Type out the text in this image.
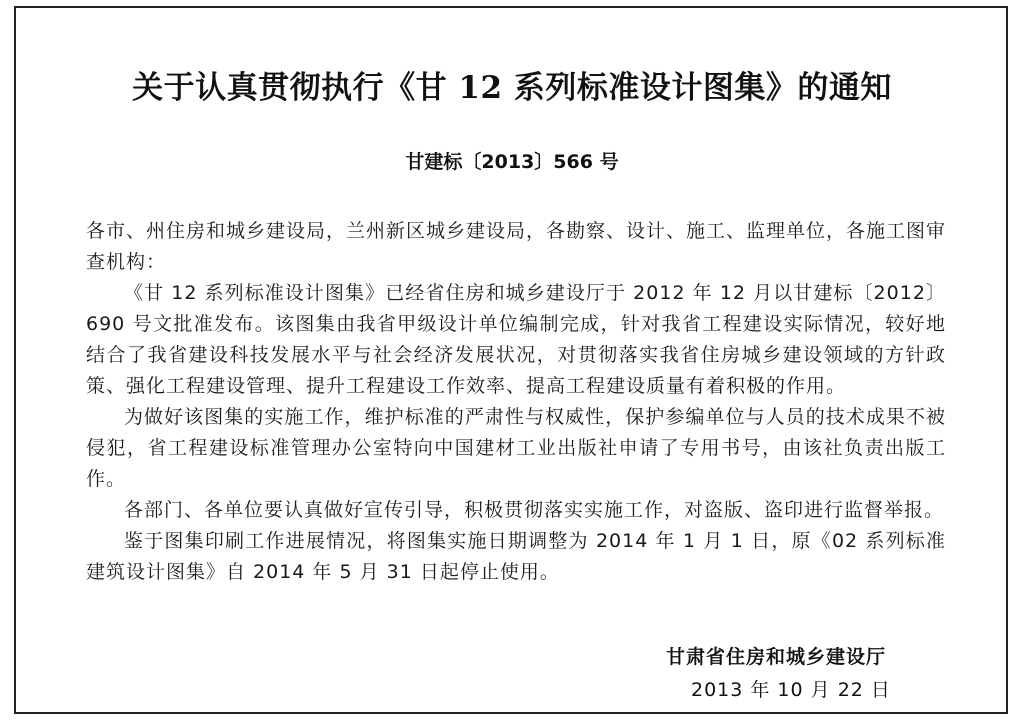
关于认真贯彻执行《甘 12 系列标准设计图集》的通知
甘建标〔2013〕566 号

各市、州住房和城乡建设局，兰州新区城乡建设局，各勘察、设计、施工、监理单位，各施工图审查机构：

《甘 12 系列标准设计图集》已经省住房和城乡建设厅于 2012 年 12 月以甘建标〔2012〕690 号文批准发布。该图集由我省甲级设计单位编制完成，针对我省工程建设实际情况，较好地结合了我省建设科技发展水平与社会经济发展状况，对贯彻落实我省住房城乡建设领域的方针政策、强化工程建设管理、提升工程建设工作效率、提高工程建设质量有着积极的作用。

为做好该图集的实施工作，维护标准的严肃性与权威性，保护参编单位与人员的技术成果不被侵犯，省工程建设标准管理办公室特向中国建材工业出版社申请了专用书号，由该社负责出版工作。

各部门、各单位要认真做好宣传引导，积极贯彻落实实施工作，对盗版、盗印进行监督举报。

鉴于图集印刷工作进展情况，将图集实施日期调整为 2014 年 1 月 1 日，原《02 系列标准建筑设计图集》自 2014 年 5 月 31 日起停止使用。

甘肃省住房和城乡建设厅
2013 年 10 月 22 日
